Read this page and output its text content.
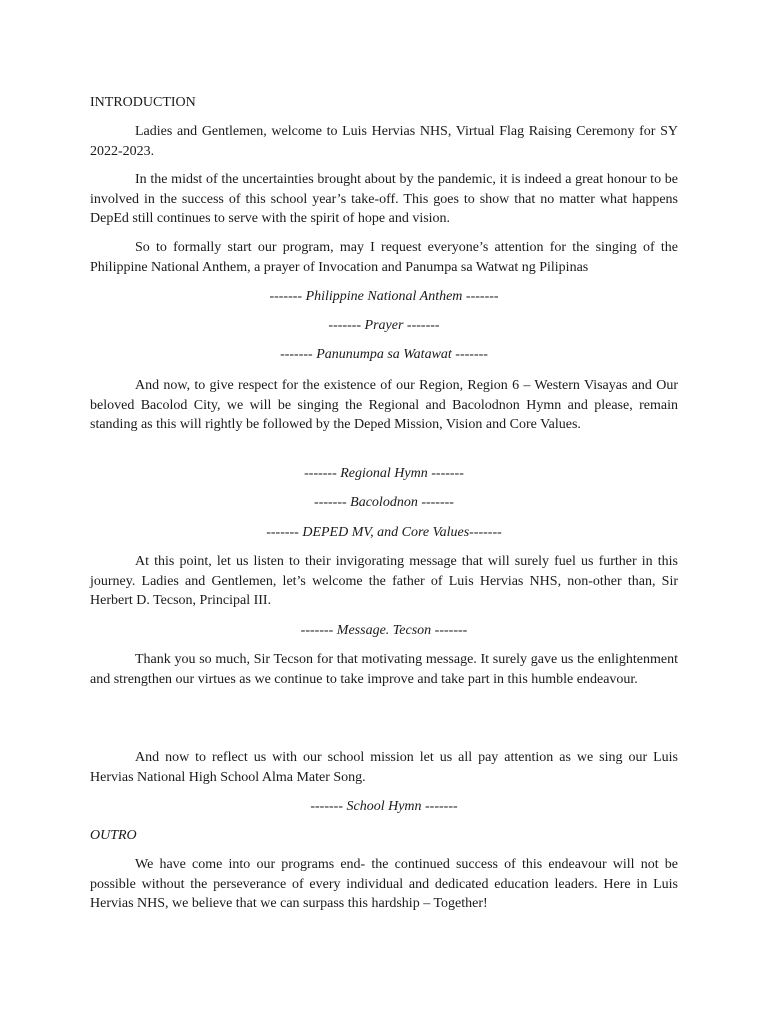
INTRODUCTION

Ladies and Gentlemen, welcome to Luis Hervias NHS, Virtual Flag Raising Ceremony for SY 2022-2023.

In the midst of the uncertainties brought about by the pandemic, it is indeed a great honour to be involved in the success of this school year’s take-off. This goes to show that no matter what happens DepEd still continues to serve with the spirit of hope and vision.

So to formally start our program, may I request everyone’s attention for the singing of the Philippine National Anthem, a prayer of Invocation and Panumpa sa Watwat ng Pilipinas

------- Philippine National Anthem -------

------- Prayer -------

------- Panunumpa sa Watawat -------

And now, to give respect for the existence of our Region, Region 6 – Western Visayas and Our beloved Bacolod City, we will be singing the Regional and Bacolodnon Hymn and please, remain standing as this will rightly be followed by the Deped Mission, Vision and Core Values.

------- Regional Hymn -------

------- Bacolodnon -------

------- DEPED MV, and Core Values-------

At this point, let us listen to their invigorating message that will surely fuel us further in this journey. Ladies and Gentlemen, let’s welcome the father of Luis Hervias NHS, non-other than, Sir Herbert D. Tecson, Principal III.

------- Message. Tecson -------

Thank you so much, Sir Tecson for that motivating message. It surely gave us the enlightenment and strengthen our virtues as we continue to take improve and take part in this humble endeavour.

And now to reflect us with our school mission let us all pay attention as we sing our Luis Hervias National High School Alma Mater Song.

------- School Hymn -------

OUTRO

We have come into our programs end- the continued success of this endeavour will not be possible without the perseverance of every individual and dedicated education leaders. Here in Luis Hervias NHS, we believe that we can surpass this hardship – Together!
